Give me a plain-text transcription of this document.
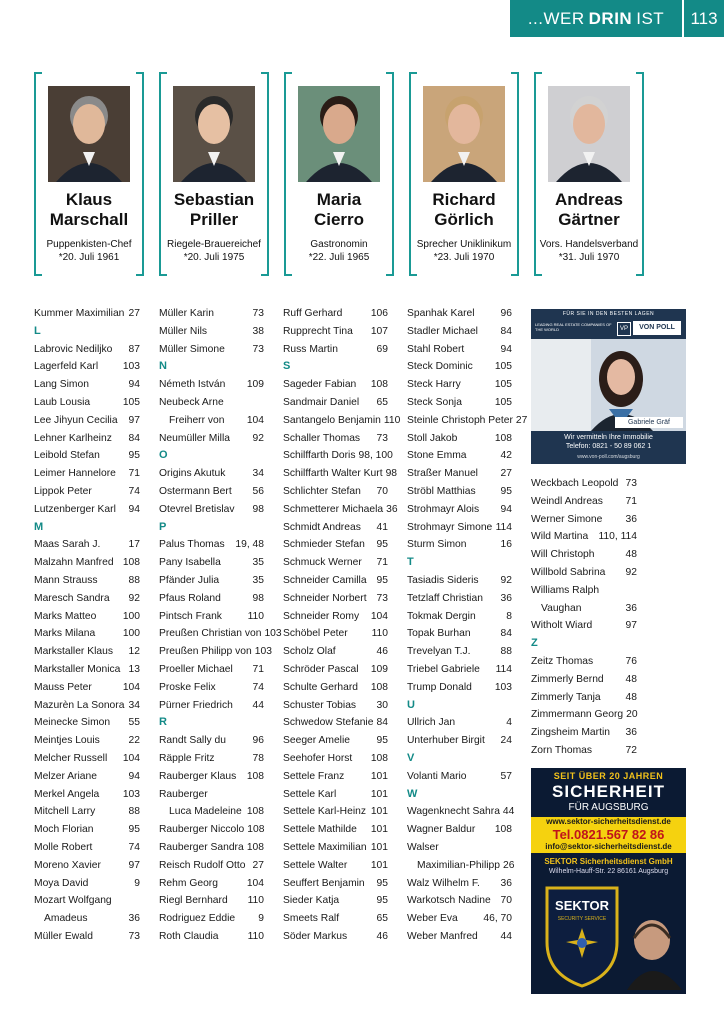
...WER DRIN IST	113
Klaus
Marschall
Puppenkisten-Chef
*20. Juli 1961
Sebastian
Priller
Riegele-Brauereichef
*20. Juli 1975
Maria
Cierro
Gastronomin
*22. Juli 1965
Richard
Görlich
Sprecher Uniklinikum
*23. Juli 1970
Andreas
Gärtner
Vors. Handelsverband
*31. Juli 1970
Kummer Maximilian 27
L
Labrovic Nediljko 87
Lagerfeld Karl 103
Lang Simon	94
Laub Lousia	105
Lee Jihyun Cecilia 97
Lehner Karlheinz 84
Leibold Stefan	95
Leimer Hannelore 71
Lippok Peter	74
Lutzenberger Karl 94
M
Maas Sarah J.	17
Malzahn Manfred 108
Mann Strauss	88
Maresch Sandra 92
Marks Matteo	100
Marks Milana	100
Markstaller Klaus 12
Markstaller Monica 13
Mauss Peter	104
Mazurèn La Sonora 34
Meinecke Simon 55
Meintjes Louis	22
Melcher Russell 104
Melzer Ariane	94
Merkel Angela 103
Mitchell Larry	88
Moch Florian	95
Molle Robert	74
Moreno Xavier	97
Moya David	9
Mozart Wolfgang
Amadeus	36
Müller Ewald	73
Müller Karin	73
Müller Nils	38
Müller Simone	73
N
Németh István 109
Neubeck Arne
Freiherr von 104
Neumüller Milla 92
O
Origins Akutuk	34
Ostermann Bert 56
Otevrel Bretislav 98
P
Palus Thomas 19, 48
Pany Isabella	35
Pfänder Julia	35
Pfaus Roland	98
Pintsch Frank 110
Preußen Christian von 103
Preußen Philipp von 103
Proeller Michael 71
Proske Felix	74
Pürner Friedrich 44
R
Randt Sally du	96
Räpple Fritz	78
Rauberger Klaus 108
Rauberger
Luca Madeleine 108
Rauberger Niccolo 108
Rauberger Sandra 108
Reisch Rudolf Otto 27
Rehm Georg	104
Riegl Bernhard 110
Rodriguez Eddie 9
Roth Claudia	110
Ruff Gerhard	106
Rupprecht Tina 107
Russ Martin	69
S
Sageder Fabian 108
Sandmair Daniel 65
Santangelo Benjamin 110
Schaller Thomas 73
Schilffarth Doris 98, 100
Schilffarth Walter Kurt 98
Schlichter Stefan 70
Schmetterer Michaela 36
Schmidt Andreas 41
Schmieder Stefan 95
Schmuck Werner 71
Schneider Camilla 95
Schneider Norbert 73
Schneider Romy 104
Schöbel Peter 110
Scholz Olaf	46
Schröder Pascal 109
Schulte Gerhard 108
Schuster Tobias 30
Schwedow Stefanie 84
Seeger Amelie	95
Seehofer Horst 108
Settele Franz	101
Settele Karl	101
Settele Karl-Heinz 101
Settele Mathilde 101
Settele Maximilian 101
Settele Walter 101
Seuffert Benjamin 95
Sieder Katja	95
Smeets Ralf	65
Söder Markus	46
Spanhak Karel	96
Stadler Michael 84
Stahl Robert	94
Steck Dominic 105
Steck Harry	105
Steck Sonja	105
Steinle Christoph Peter 27
Stoll Jakob	108
Stone Emma	42
Straßer Manuel 27
Ströbl Matthias 95
Strohmayr Alois 94
Strohmayr Simone 114
Sturm Simon	16
T
Tasiadis Sideris 92
Tetzlaff Christian 36
Tokmak Dergin	8
Topak Burhan	84
Trevelyan T.J.	88
Triebel Gabriele 114
Trump Donald 103
U
Ullrich Jan	4
Unterhuber Birgit 24
V
Volanti Mario	57
W
Wagenknecht Sahra 44
Wagner Baldur 108
Walser
Maximilian-Philipp 26
Walz Wilhelm F. 36
Warkotsch Nadine 70
Weber Eva 46, 70
Weber Manfred 44
Weckbach Leopold 73
Weindl Andreas 71
Werner Simone 36
Wild Martina 110, 114
Will Christoph	48
Willbold Sabrina 92
Williams Ralph
Vaughan	36
Witholt Wiard	97
Z
Zeitz Thomas	76
Zimmerly Bernd 48
Zimmerly Tanja 48
Zimmermann Georg 20
Zingsheim Martin 36
Zorn Thomas	72
FÜR SIE IN DEN BESTEN LAGEN
LEADING REAL ESTATE COMPANIES OF THE WORLD	VP	VON POLL
Gabriele Gräf
Wir vermitteln Ihre Immobilie
Telefon: 0821 - 50 89 062 1
www.von-poll.com/augsburg
SEIT ÜBER 20 JAHREN
SICHERHEIT
FÜR AUGSBURG
www.sektor-sicherheitsdienst.de
Tel.0821.567 82 86
info@sektor-sicherheitsdienst.de
SEKTOR Sicherheitsdienst GmbH
Wilhelm-Hauff-Str. 22 86161 Augsburg
SEKTOR
SECURITY SERVICE
